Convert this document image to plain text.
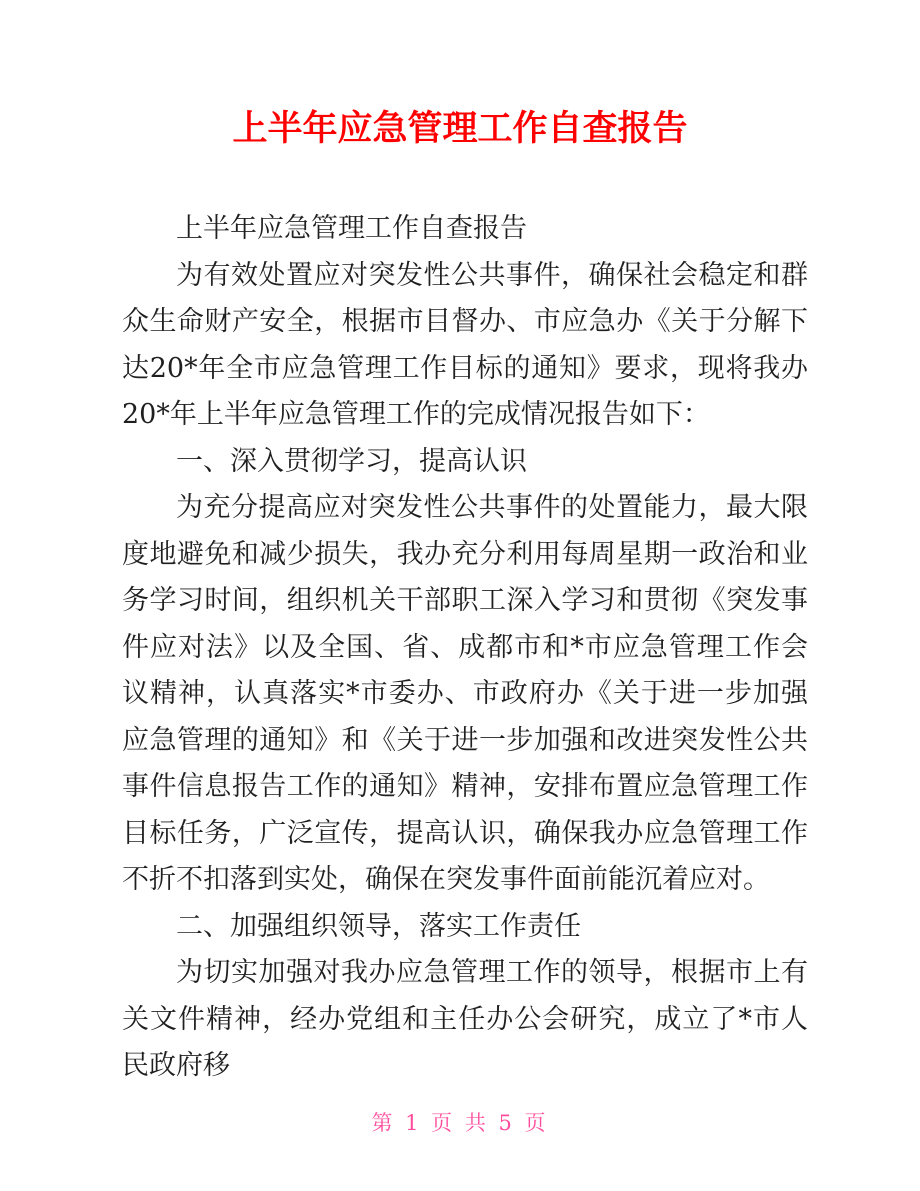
上半年应急管理工作自查报告

上半年应急管理工作自查报告

为有效处置应对突发性公共事件，确保社会稳定和群众生命财产安全，根据市目督办、市应急办《关于分解下达20*年全市应急管理工作目标的通知》要求，现将我办20*年上半年应急管理工作的完成情况报告如下：

一、深入贯彻学习，提高认识

为充分提高应对突发性公共事件的处置能力，最大限度地避免和减少损失，我办充分利用每周星期一政治和业务学习时间，组织机关干部职工深入学习和贯彻《突发事件应对法》以及全国、省、成都市和*市应急管理工作会议精神，认真落实*市委办、市政府办《关于进一步加强应急管理的通知》和《关于进一步加强和改进突发性公共事件信息报告工作的通知》精神，安排布置应急管理工作目标任务，广泛宣传，提高认识，确保我办应急管理工作不折不扣落到实处，确保在突发事件面前能沉着应对。

二、加强组织领导，落实工作责任

为切实加强对我办应急管理工作的领导，根据市上有关文件精神，经办党组和主任办公会研究，成立了*市人民政府移

第 1 页 共 5 页
